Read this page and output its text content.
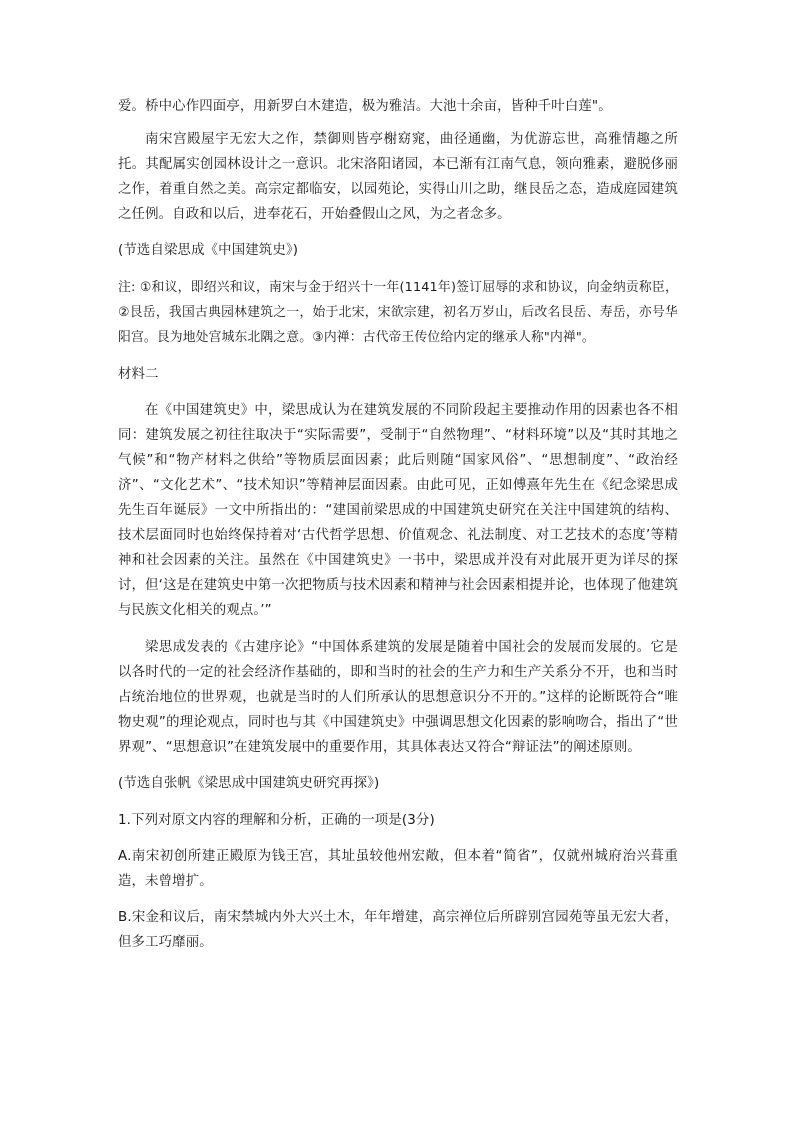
爱。桥中心作四面亭，用新罗白木建造，极为雅洁。大池十余亩，皆种千叶白莲"。

南宋宫殿屋宇无宏大之作，禁御则皆亭榭窈窕，曲径通幽，为优游忘世，高雅情趣之所托。其配属实创园林设计之一意识。北宋洛阳诸园，本已渐有江南气息，领向雅素，避脱侈丽之作，着重自然之美。高宗定都临安，以园苑论，实得山川之助，继艮岳之态，造成庭园建筑之任例。自政和以后，进奉花石，开始叠假山之风，为之者念多。

(节选自梁思成《中国建筑史》)

注: ①和议，即绍兴和议，南宋与金于绍兴十一年(1141年)签订屈辱的求和协议，向金纳贡称臣，②艮岳，我国古典园林建筑之一，始于北宋，宋欲宗建，初名万岁山，后改名艮岳、寿岳，亦号华阳宫。艮为地处宫城东北隅之意。③内禅：古代帝王传位给内定的继承人称"内禅"。

材料二

在《中国建筑史》中，梁思成认为在建筑发展的不同阶段起主要推动作用的因素也各不相同：建筑发展之初往往取决于“实际需要”，受制于“自然物理”、“材料环境”以及“其时其地之气候”和“物产材料之供给”等物质层面因素；此后则随“国家风俗”、“思想制度”、“政治经济”、“文化艺术”、“技术知识”等精神层面因素。由此可见，正如傅熹年先生在《纪念梁思成先生百年诞辰》一文中所指出的：“建国前梁思成的中国建筑史研究在关注中国建筑的结构、技术层面同时也始终保持着对‘古代哲学思想、价值观念、礼法制度、对工艺技术的态度’等精神和社会因素的关注。虽然在《中国建筑史》一书中，梁思成并没有对此展开更为详尽的探讨，但‘这是在建筑史中第一次把物质与技术因素和精神与社会因素相提并论，也体现了他建筑与民族文化相关的观点。’”

梁思成发表的《古建序论》“中国体系建筑的发展是随着中国社会的发展而发展的。它是以各时代的一定的社会经济作基础的，即和当时的社会的生产力和生产关系分不开，也和当时占统治地位的世界观，也就是当时的人们所承认的思想意识分不开的。”这样的论断既符合“唯物史观”的理论观点，同时也与其《中国建筑史》中强调思想文化因素的影响吻合，指出了“世界观”、“思想意识”在建筑发展中的重要作用，其具体表达又符合“辩证法”的阐述原则。

(节选自张帆《梁思成中国建筑史研究再探》)

1.下列对原文内容的理解和分析，正确的一项是(3分)

A.南宋初创所建正殿原为钱王宫，其址虽较他州宏敞，但本着“简省”，仅就州城府治兴葺重造，未曾增扩。

B.宋金和议后，南宋禁城内外大兴土木，年年增建，高宗禅位后所辟别宫园苑等虽无宏大者，但多工巧靡丽。
